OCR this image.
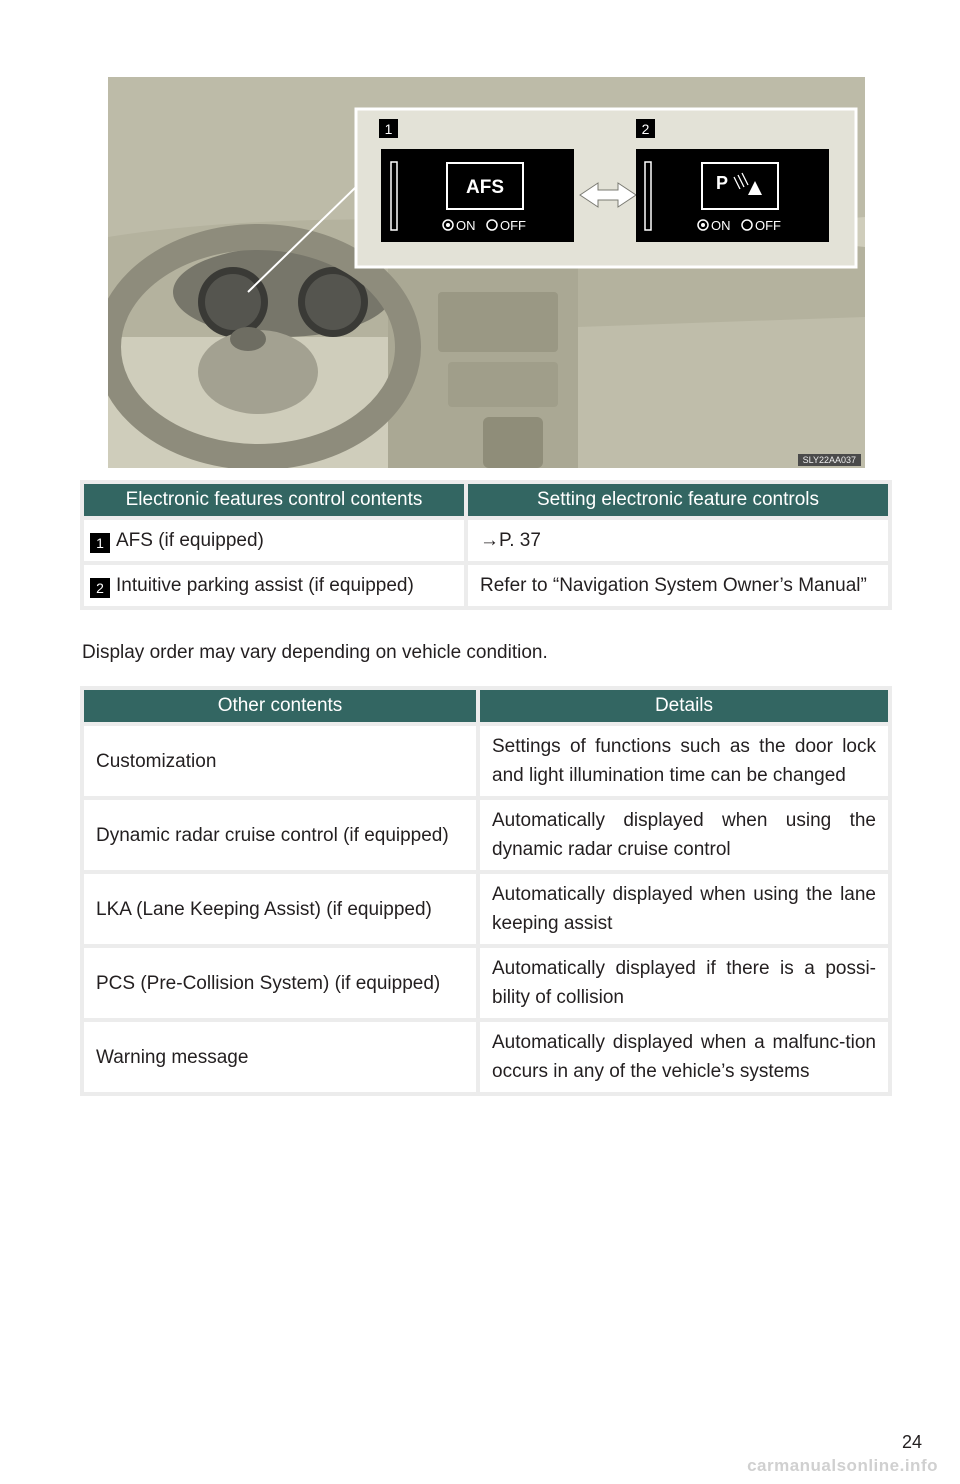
1
AFS
ON OFF
2
P
ON OFF
SLY22AA037
Electronic features control contents	Setting electronic feature controls
1 AFS (if equipped)	→P. 37
2 Intuitive parking assist (if equipped)	Refer to “Navigation System Owner’s Manual”
Display order may vary depending on vehicle condition.
Other contents	Details
Customization	Settings of functions such as the door lock and light illumination time can be changed
Dynamic radar cruise control (if equipped)	Automatically displayed when using the dynamic radar cruise control
LKA (Lane Keeping Assist) (if equipped)	Automatically displayed when using the lane keeping assist
PCS (Pre-Collision System) (if equipped)	Automatically displayed if there is a possi-bility of collision
Warning message	Automatically displayed when a malfunc-tion occurs in any of the vehicle’s systems
24
carmanualsonline.info
